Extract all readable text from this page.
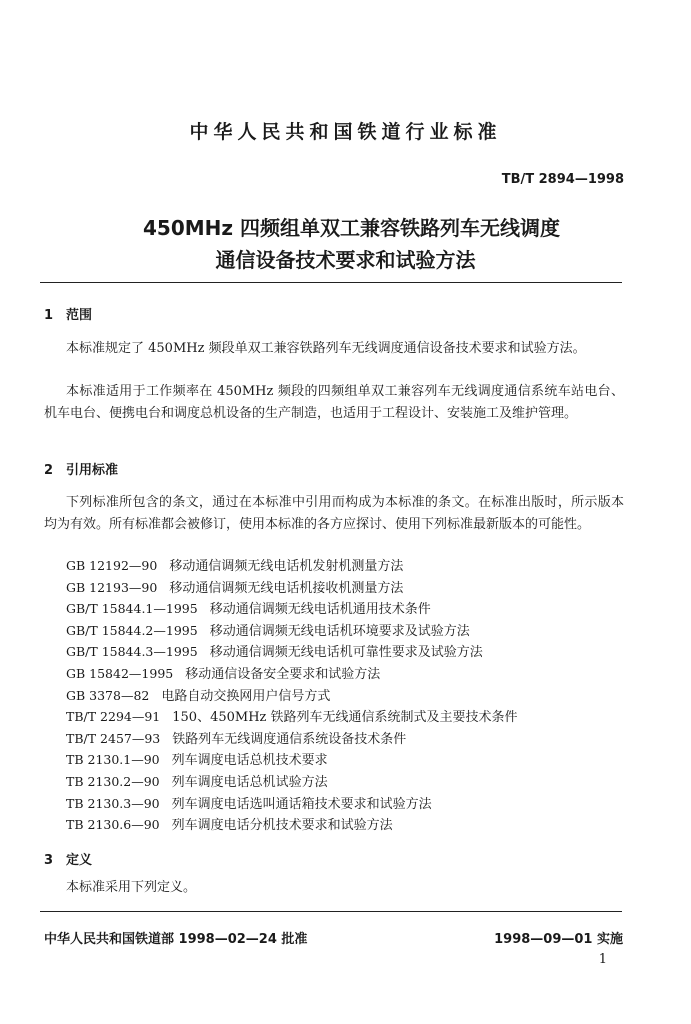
中华人民共和国铁道行业标准
TB/T 2894—1998
450MHz 四频组单双工兼容铁路列车无线调度
通信设备技术要求和试验方法
1 范围
本标准规定了 450MHz 频段单双工兼容铁路列车无线调度通信设备技术要求和试验方法。
本标准适用于工作频率在 450MHz 频段的四频组单双工兼容列车无线调度通信系统车站电台、机车电台、便携电台和调度总机设备的生产制造，也适用于工程设计、安装施工及维护管理。
2 引用标准
下列标准所包含的条文，通过在本标准中引用而构成为本标准的条文。在标准出版时，所示版本均为有效。所有标准都会被修订，使用本标准的各方应探讨、使用下列标准最新版本的可能性。
GB 12192—90 移动通信调频无线电话机发射机测量方法
GB 12193—90 移动通信调频无线电话机接收机测量方法
GB/T 15844.1—1995 移动通信调频无线电话机通用技术条件
GB/T 15844.2—1995 移动通信调频无线电话机环境要求及试验方法
GB/T 15844.3—1995 移动通信调频无线电话机可靠性要求及试验方法
GB 15842—1995 移动通信设备安全要求和试验方法
GB 3378—82 电路自动交换网用户信号方式
TB/T 2294—91 150、450MHz 铁路列车无线通信系统制式及主要技术条件
TB/T 2457—93 铁路列车无线调度通信系统设备技术条件
TB 2130.1—90 列车调度电话总机技术要求
TB 2130.2—90 列车调度电话总机试验方法
TB 2130.3—90 列车调度电话选叫通话箱技术要求和试验方法
TB 2130.6—90 列车调度电话分机技术要求和试验方法
3 定义
本标准采用下列定义。
中华人民共和国铁道部 1998—02—24 批准	1998—09—01 实施
1
